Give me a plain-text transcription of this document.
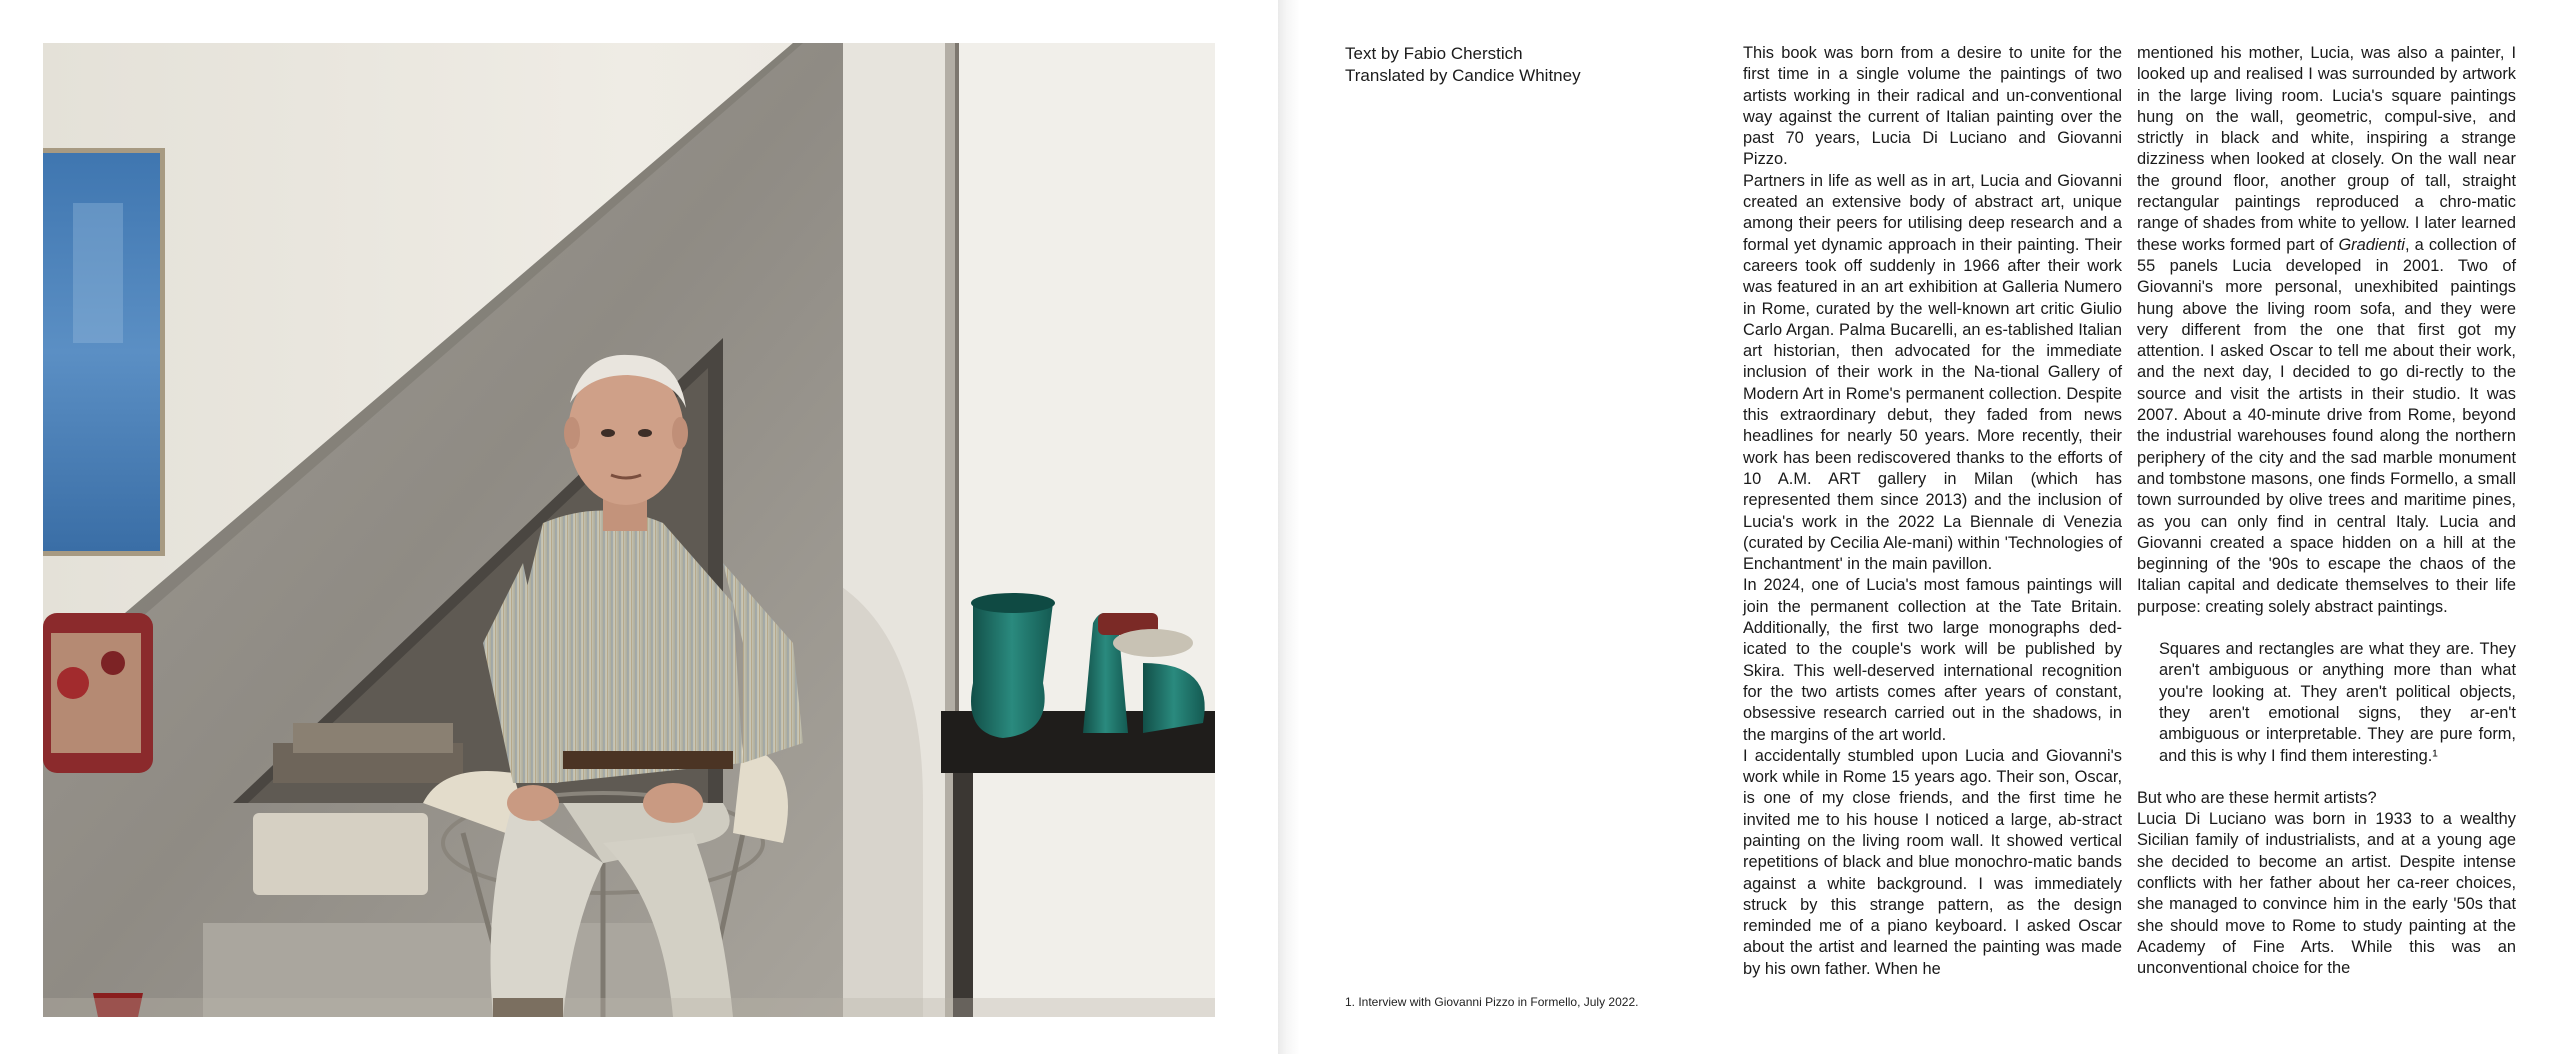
Text by Fabio Cherstich
Translated by Candice Whitney

This book was born from a desire to unite for the first time in a single volume the paintings of two artists working in their radical and un-conventional way against the current of Italian painting over the past 70 years, Lucia Di Luciano and Giovanni Pizzo.

Partners in life as well as in art, Lucia and Giovanni created an extensive body of abstract art, unique among their peers for utilising deep research and a formal yet dynamic approach in their painting. Their careers took off suddenly in 1966 after their work was featured in an art exhibition at Galleria Numero in Rome, curated by the well-known art critic Giulio Carlo Argan. Palma Bucarelli, an es-tablished Italian art historian, then advocated for the immediate inclusion of their work in the Na-tional Gallery of Modern Art in Rome's permanent collection. Despite this extraordinary debut, they faded from news headlines for nearly 50 years. More recently, their work has been rediscovered thanks to the efforts of 10 A.M. ART gallery in Milan (which has represented them since 2013) and the inclusion of Lucia's work in the 2022 La Biennale di Venezia (curated by Cecilia Ale-mani) within 'Technologies of Enchantment' in the main pavillon.

In 2024, one of Lucia's most famous paintings will join the permanent collection at the Tate Britain. Additionally, the first two large monographs ded-icated to the couple's work will be published by Skira. This well-deserved international recognition for the two artists comes after years of constant, obsessive research carried out in the shadows, in the margins of the art world.

I accidentally stumbled upon Lucia and Giovanni's work while in Rome 15 years ago. Their son, Oscar, is one of my close friends, and the first time he invited me to his house I noticed a large, ab-stract painting on the living room wall. It showed vertical repetitions of black and blue monochro-matic bands against a white background. I was immediately struck by this strange pattern, as the design reminded me of a piano keyboard. I asked Oscar about the artist and learned the painting was made by his own father. When he

mentioned his mother, Lucia, was also a painter, I looked up and realised I was surrounded by artwork in the large living room. Lucia's square paintings hung on the wall, geometric, compul-sive, and strictly in black and white, inspiring a strange dizziness when looked at closely. On the wall near the ground floor, another group of tall, straight rectangular paintings reproduced a chro-matic range of shades from white to yellow. I later learned these works formed part of Gradienti, a collection of 55 panels Lucia developed in 2001. Two of Giovanni's more personal, unexhibited paintings hung above the living room sofa, and they were very different from the one that first got my attention. I asked Oscar to tell me about their work, and the next day, I decided to go di-rectly to the source and visit the artists in their studio. It was 2007. About a 40-minute drive from Rome, beyond the industrial warehouses found along the northern periphery of the city and the sad marble monument and tombstone masons, one finds Formello, a small town surrounded by olive trees and maritime pines, as you can only find in central Italy. Lucia and Giovanni created a space hidden on a hill at the beginning of the '90s to escape the chaos of the Italian capital and dedicate themselves to their life purpose: creating solely abstract paintings.

Squares and rectangles are what they are. They aren't ambiguous or anything more than what you're looking at. They aren't political objects, they aren't emotional signs, they ar-en't ambiguous or interpretable. They are pure form, and this is why I find them interesting.¹

But who are these hermit artists?

Lucia Di Luciano was born in 1933 to a wealthy Sicilian family of industrialists, and at a young age she decided to become an artist. Despite intense conflicts with her father about her ca-reer choices, she managed to convince him in the early '50s that she should move to Rome to study painting at the Academy of Fine Arts. While this was an unconventional choice for the

1. Interview with Giovanni Pizzo in Formello, July 2022.
